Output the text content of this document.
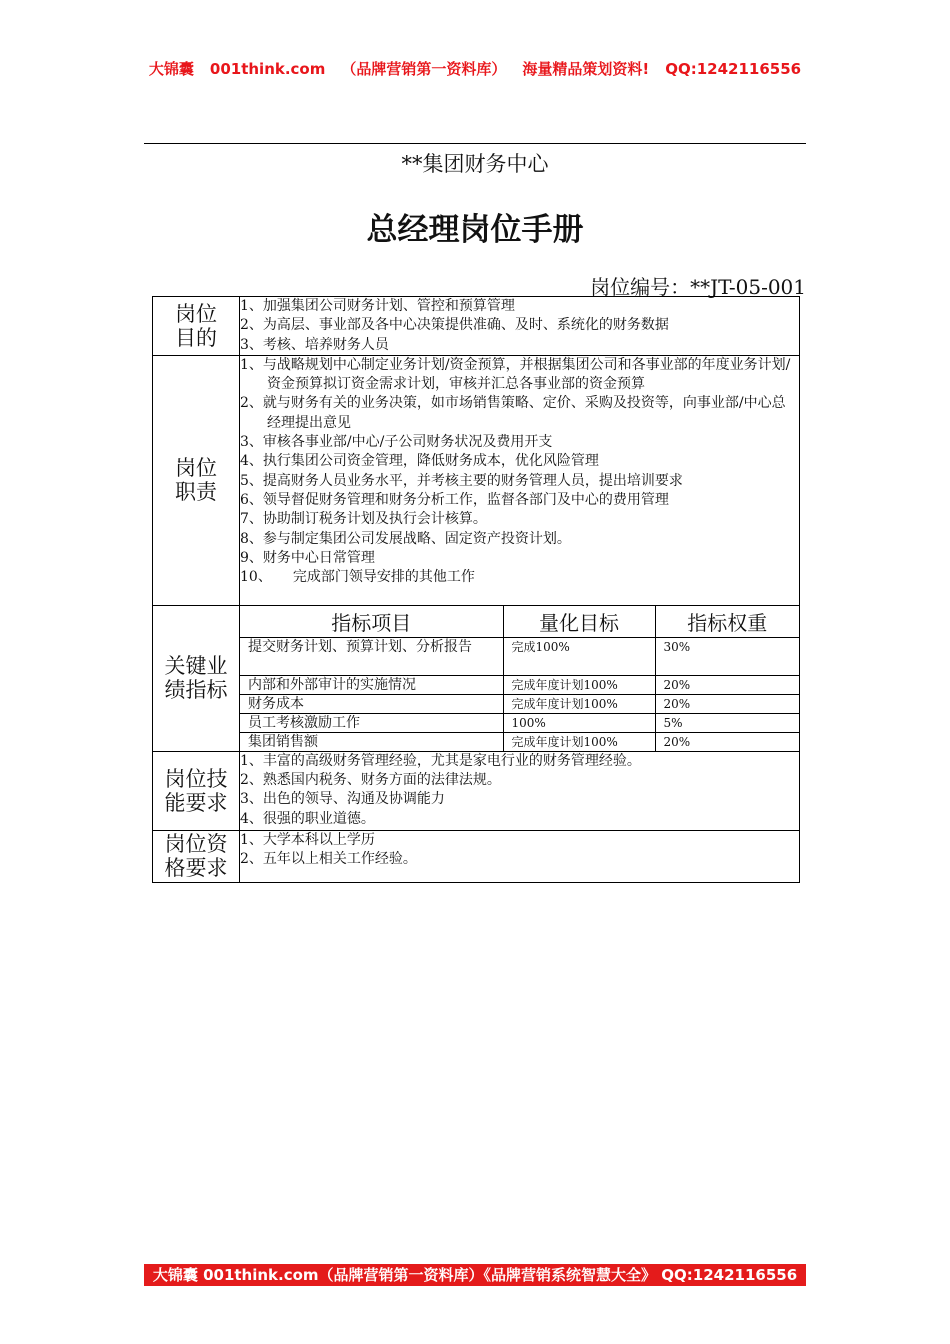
大锦囊 001think.com （品牌营销第一资料库） 海量精品策划资料! QQ:1242116556
**集团财务中心
总经理岗位手册
岗位编号：**JT-05-001
岗位目的

1、加强集团公司财务计划、管控和预算管理
2、为高层、事业部及各中心决策提供准确、及时、系统化的财务数据
3、考核、培养财务人员

岗位职责

1、与战略规划中心制定业务计划/资金预算，并根据集团公司和各事业部的年度业务计划/资金预算拟订资金需求计划，审核并汇总各事业部的资金预算
2、就与财务有关的业务决策，如市场销售策略、定价、采购及投资等，向事业部/中心总经理提出意见
3、审核各事业部/中心/子公司财务状况及费用开支
4、执行集团公司资金管理，降低财务成本，优化风险管理
5、提高财务人员业务水平，并考核主要的财务管理人员，提出培训要求
6、领导督促财务管理和财务分析工作，监督各部门及中心的费用管理
7、协助制订税务计划及执行会计核算。
8、参与制定集团公司发展战略、固定资产投资计划。
9、财务中心日常管理
10、　　完成部门领导安排的其他工作

关键业绩指标

指标项目	量化目标	指标权重
提交财务计划、预算计划、分析报告	完成100%	30%
内部和外部审计的实施情况	完成年度计划100%	20%
财务成本	完成年度计划100%	20%
员工考核激励工作	100%	5%
集团销售额	完成年度计划100%	20%

岗位技能要求

1、丰富的高级财务管理经验，尤其是家电行业的财务管理经验。
2、熟悉国内税务、财务方面的法律法规。
3、出色的领导、沟通及协调能力
4、很强的职业道德。

岗位资格要求

1、大学本科以上学历
2、五年以上相关工作经验。
大锦囊 001think.com（品牌营销第一资料库）《品牌营销系统智慧大全》 QQ:1242116556
